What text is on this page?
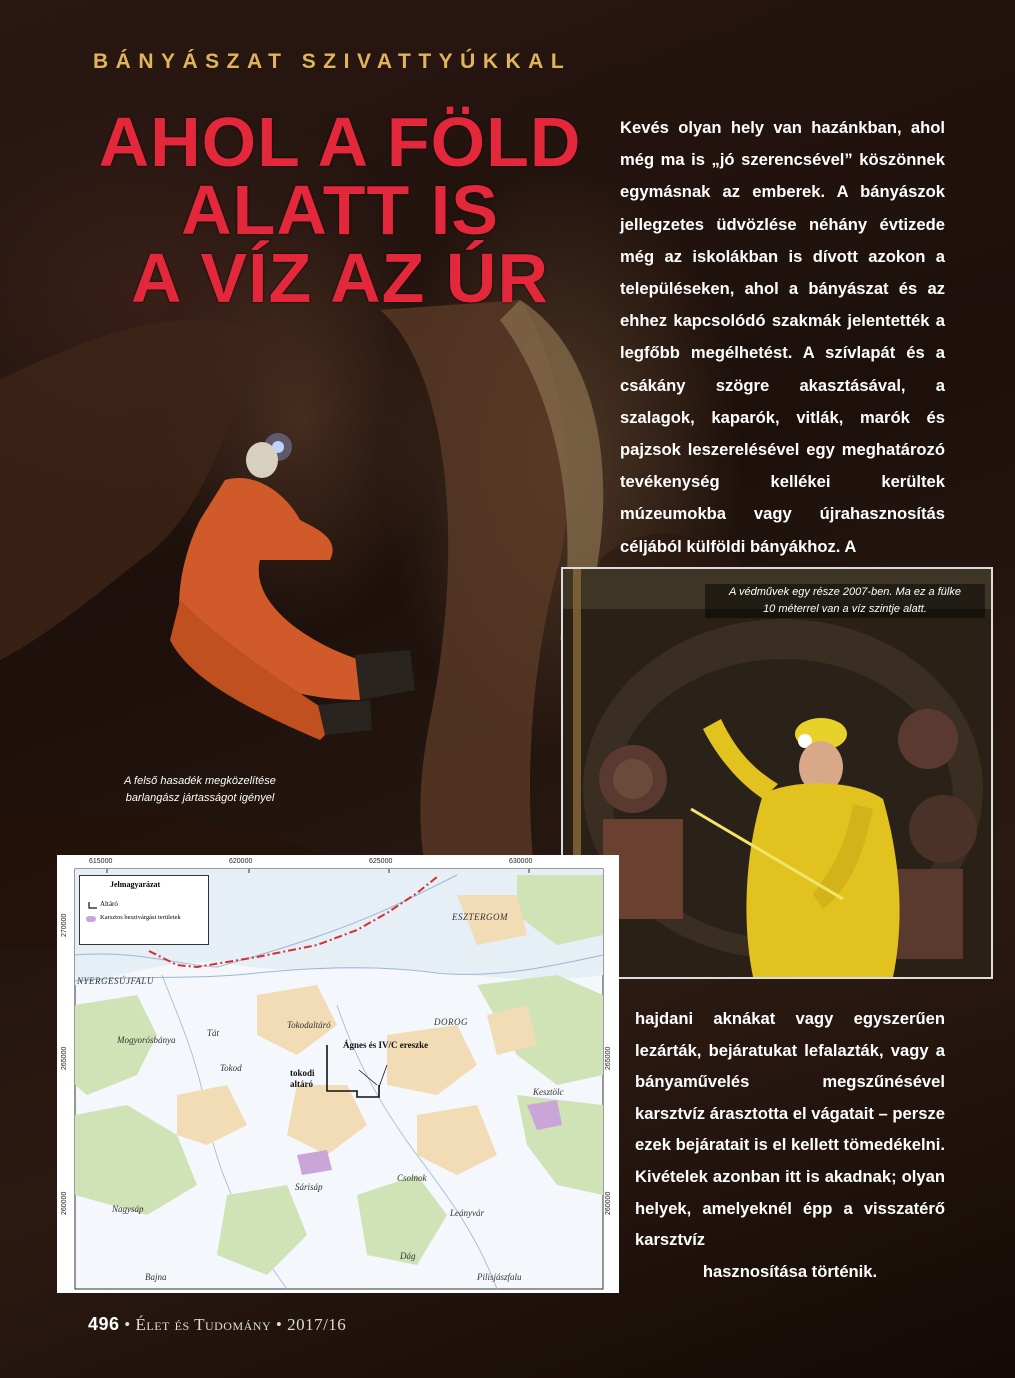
BÁNYÁSZAT SZIVATTYÚKKAL
AHOL A FÖLD
ALATT IS
A VÍZ AZ ÚR
Kevés olyan hely van hazánkban, ahol még ma is „jó szerencsével” köszönnek egymásnak az emberek. A bányászok jellegzetes üdvözlése néhány évtizede még az iskolákban is dívott azokon a településeken, ahol a bányászat és az ehhez kapcsolódó szakmák jelentették a legfőbb megélhetést. A szívlapát és a csákány szögre akasztásával, a szalagok, kaparók, vitlák, marók és pajzsok leszerelésével egy meghatározó tevékenység kellékei kerültek múzeumokba vagy újrahasznosítás céljából külföldi bányákhoz. A
A felső hasadék megközelítése
barlangász jártasságot igényel
A védművek egy része 2007-ben. Ma ez a fülke
10 méterrel van a víz szintje alatt.
hajdani aknákat vagy egyszerűen lezárták, bejáratukat lefalazták, vagy a bányaművelés megszűnésével karsztvíz árasztotta el vágatait – persze ezek bejáratait is el kellett tömedékelni. Kivételek azonban itt is akadnak; olyan helyek, amelyeknél épp a visszatérő karsztvíz
hasznosítása történik.
615000	620000	625000	630000
270000
265000
260000
265000
260000
Jelmagyarázat
Altáró
Karsztos beszivárgási területek	ESZTERGOM
NYERGESÚJFALU
Tokodaltáró	DOROG
Mogyorósbánya
Tát
Tokod
Kesztölc
Sárisáp
Csolnok
Nagysáp	Leányvár
Dág
Bajna	Pilisjászfalu
Ágnes és IV/C ereszke
tokodi
altáró
496 • Élet és Tudomány • 2017/16
